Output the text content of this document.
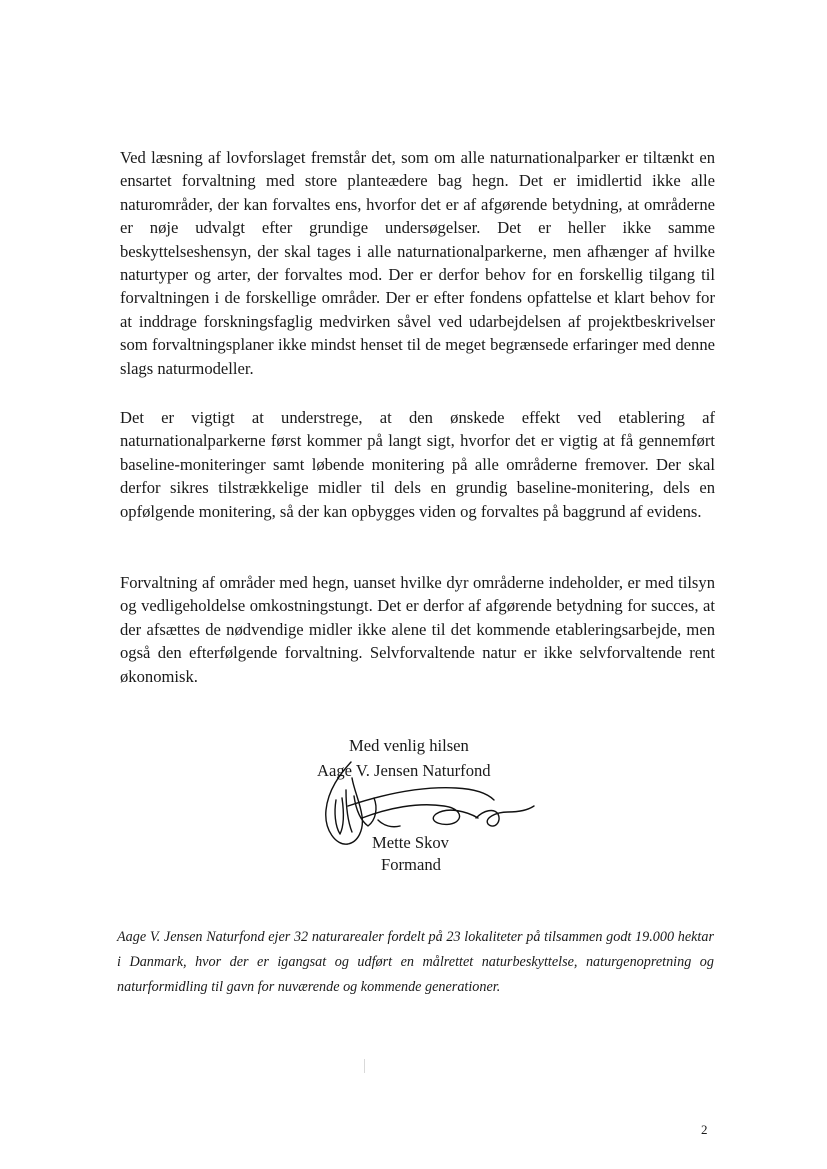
Ved læsning af lovforslaget fremstår det, som om alle naturnationalparker er tiltænkt en ensartet forvaltning med store planteædere bag hegn. Det er imidlertid ikke alle naturområder, der kan forvaltes ens, hvorfor det er af afgørende betydning, at områderne er nøje udvalgt efter grundige undersøgelser. Det er heller ikke samme beskyttelseshensyn, der skal tages i alle naturnationalparkerne, men afhænger af hvilke naturtyper og arter, der forvaltes mod. Der er derfor behov for en forskellig tilgang til forvaltningen i de forskellige områder. Der er efter fondens opfattelse et klart behov for at inddrage forskningsfaglig medvirken såvel ved udarbejdelsen af projektbeskrivelser som forvaltningsplaner ikke mindst henset til de meget begrænsede erfaringer med denne slags naturmodeller.

Det er vigtigt at understrege, at den ønskede effekt ved etablering af naturnationalparkerne først kommer på langt sigt, hvorfor det er vigtig at få gennemført baseline-moniteringer samt løbende monitering på alle områderne fremover. Der skal derfor sikres tilstrækkelige midler til dels en grundig baseline-monitering, dels en opfølgende monitering, så der kan opbygges viden og forvaltes på baggrund af evidens.

Forvaltning af områder med hegn, uanset hvilke dyr områderne indeholder, er med tilsyn og vedligeholdelse omkostningstungt. Det er derfor af afgørende betydning for succes, at der afsættes de nødvendige midler ikke alene til det kommende etableringsarbejde, men også den efterfølgende forvaltning. Selvforvaltende natur er ikke selvforvaltende rent økonomisk.

Med venlig hilsen

Aage V. Jensen Naturfond

Mette Skov

Formand

Aage V. Jensen Naturfond ejer 32 naturarealer fordelt på 23 lokaliteter på tilsammen godt 19.000 hektar i Danmark, hvor der er igangsat og udført en målrettet naturbeskyttelse, naturgenopretning og naturformidling til gavn for nuværende og kommende generationer.

2
